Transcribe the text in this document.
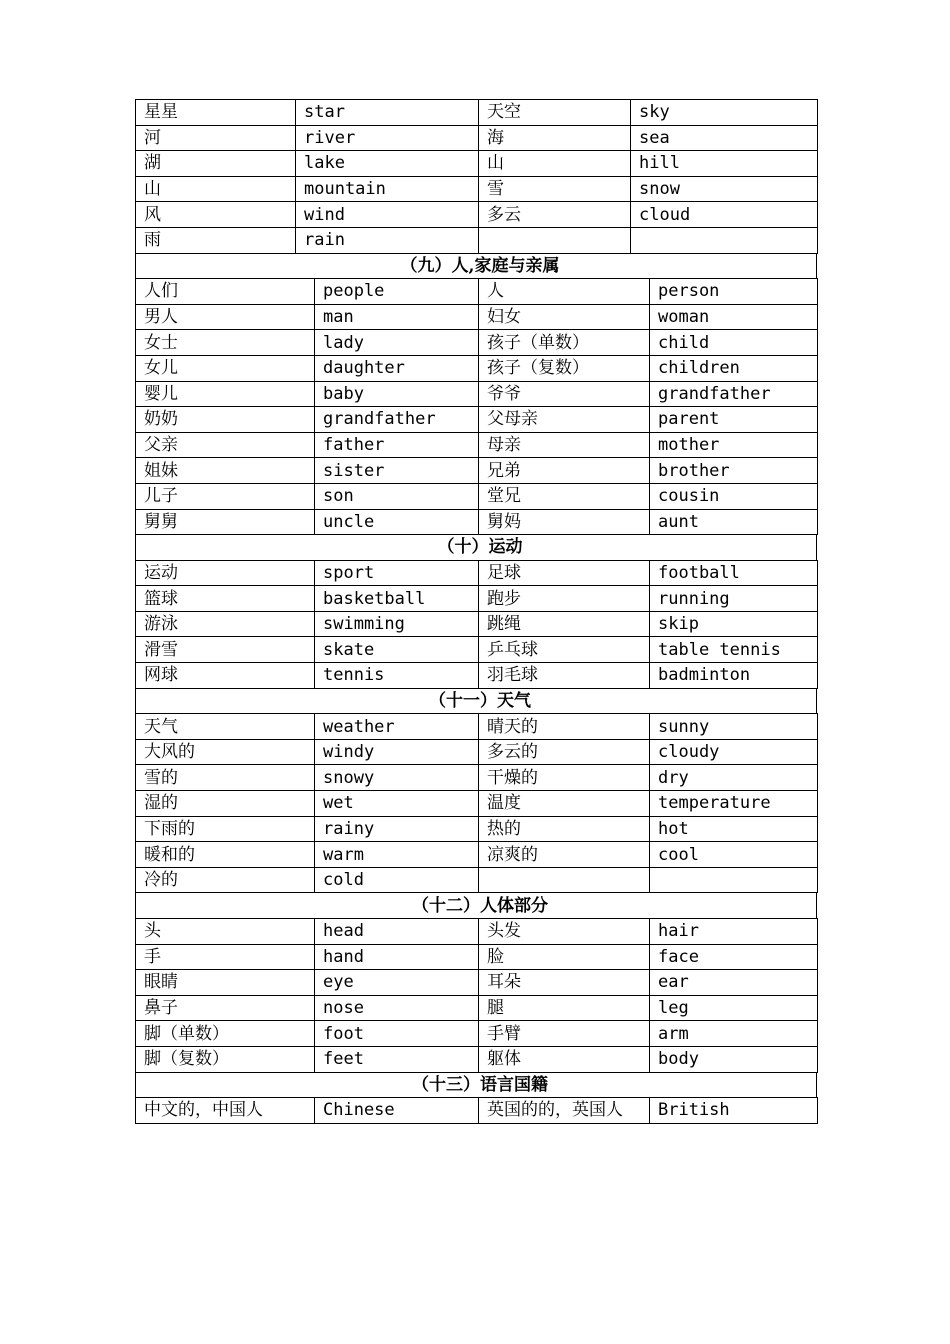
星星	star	天空	sky
河	river	海	sea
湖	lake	山	hill
山	mountain	雪	snow
风	wind	多云	cloud
雨	rain		
（九）人,家庭与亲属
人们	people	人	person
男人	man	妇女	woman
女士	lady	孩子（单数）	child
女儿	daughter	孩子（复数）	children
婴儿	baby	爷爷	grandfather
奶奶	grandfather	父母亲	parent
父亲	father	母亲	mother
姐妹	sister	兄弟	brother
儿子	son	堂兄	cousin
舅舅	uncle	舅妈	aunt
（十）运动
运动	sport	足球	football
篮球	basketball	跑步	running
游泳	swimming	跳绳	skip
滑雪	skate	乒乓球	table tennis
网球	tennis	羽毛球	badminton
（十一）天气
天气	weather	晴天的	sunny
大风的	windy	多云的	cloudy
雪的	snowy	干燥的	dry
湿的	wet	温度	temperature
下雨的	rainy	热的	hot
暖和的	warm	凉爽的	cool
冷的	cold		
（十二）人体部分
头	head	头发	hair
手	hand	脸	face
眼睛	eye	耳朵	ear
鼻子	nose	腿	leg
脚（单数）	foot	手臂	arm
脚（复数）	feet	躯体	body
（十三）语言国籍
中文的，中国人	Chinese	英国的的，英国人	British
